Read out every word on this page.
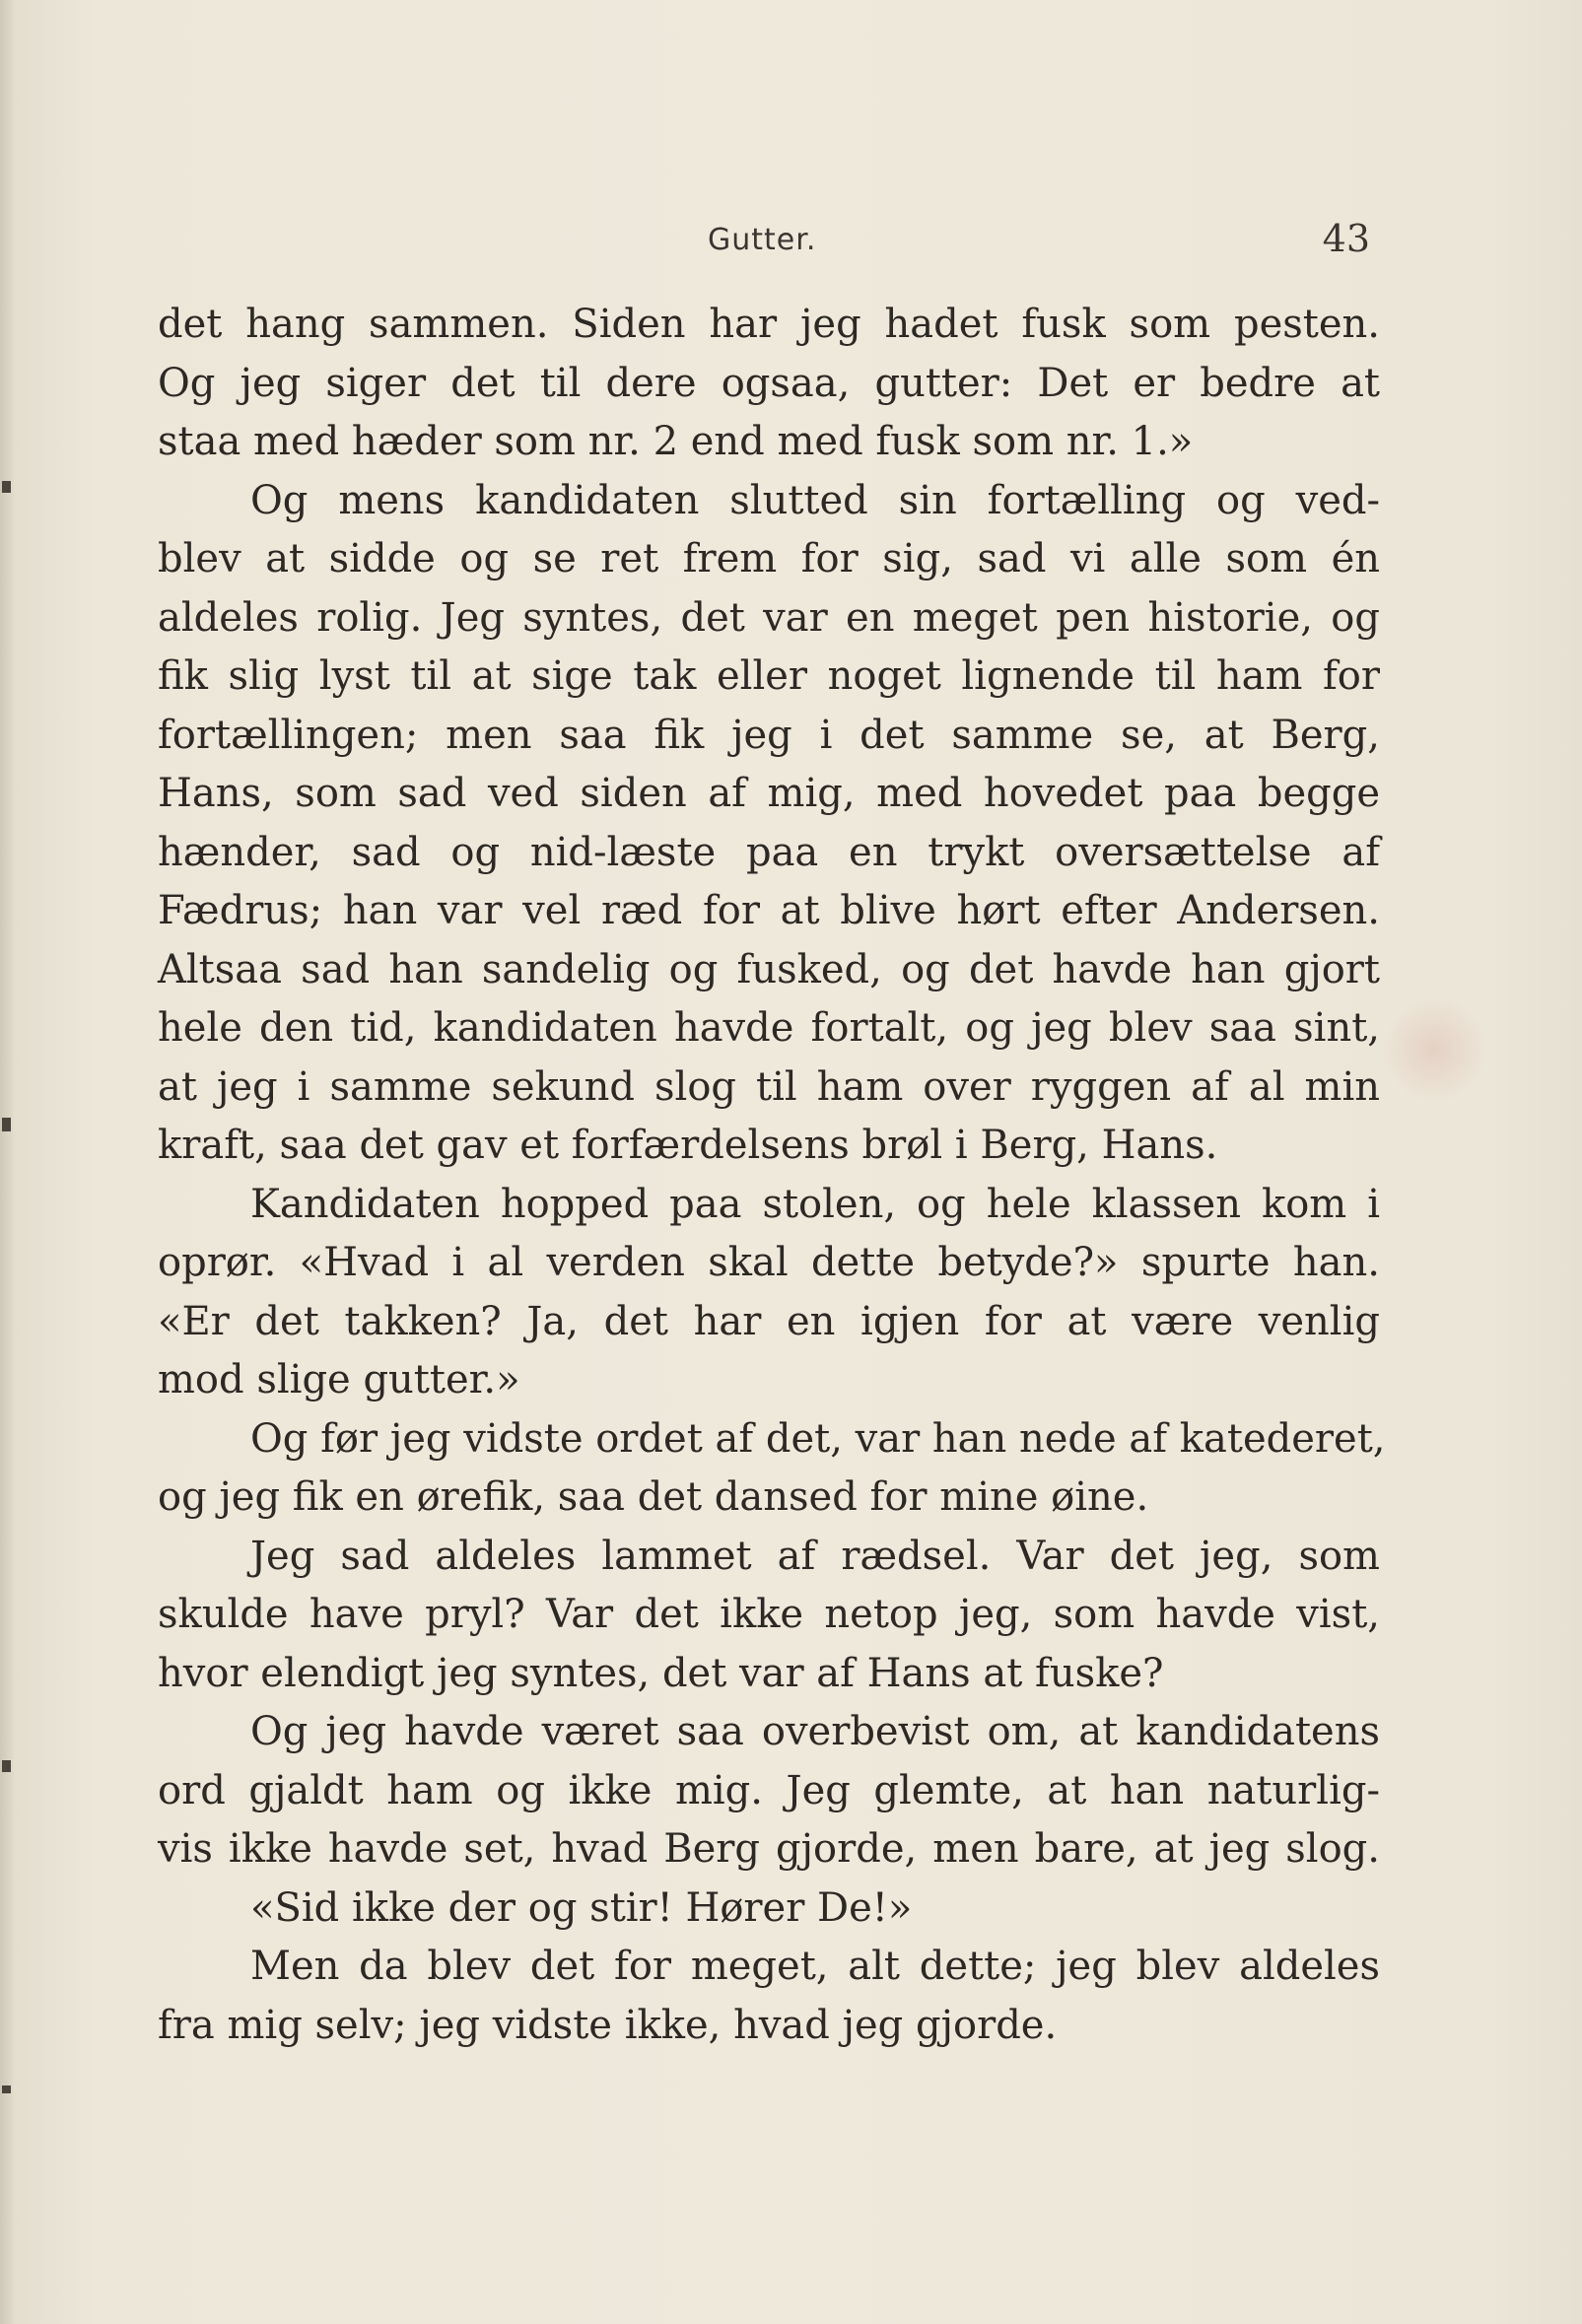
Gutter.	43
det hang sammen. Siden har jeg hadet fusk som pesten.
Og jeg siger det til dere ogsaa, gutter: Det er bedre at
staa med hæder som nr. 2 end med fusk som nr. 1.»
Og mens kandidaten slutted sin fortælling og ved-
blev at sidde og se ret frem for sig, sad vi alle som én
aldeles rolig. Jeg syntes, det var en meget pen historie, og
fik slig lyst til at sige tak eller noget lignende til ham for
fortællingen; men saa fik jeg i det samme se, at Berg,
Hans, som sad ved siden af mig, med hovedet paa begge
hænder, sad og nid-læste paa en trykt oversættelse af
Fædrus; han var vel ræd for at blive hørt efter Andersen.
Altsaa sad han sandelig og fusked, og det havde han gjort
hele den tid, kandidaten havde fortalt, og jeg blev saa sint,
at jeg i samme sekund slog til ham over ryggen af al min
kraft, saa det gav et forfærdelsens brøl i Berg, Hans.
Kandidaten hopped paa stolen, og hele klassen kom i
oprør. «Hvad i al verden skal dette betyde?» spurte han.
«Er det takken? Ja, det har en igjen for at være venlig
mod slige gutter.»
Og før jeg vidste ordet af det, var han nede af katederet,
og jeg fik en ørefik, saa det dansed for mine øine.
Jeg sad aldeles lammet af rædsel. Var det jeg, som
skulde have pryl? Var det ikke netop jeg, som havde vist,
hvor elendigt jeg syntes, det var af Hans at fuske?
Og jeg havde været saa overbevist om, at kandidatens
ord gjaldt ham og ikke mig. Jeg glemte, at han naturlig-
vis ikke havde set, hvad Berg gjorde, men bare, at jeg slog.
«Sid ikke der og stir! Hører De!»
Men da blev det for meget, alt dette; jeg blev aldeles
fra mig selv; jeg vidste ikke, hvad jeg gjorde.
